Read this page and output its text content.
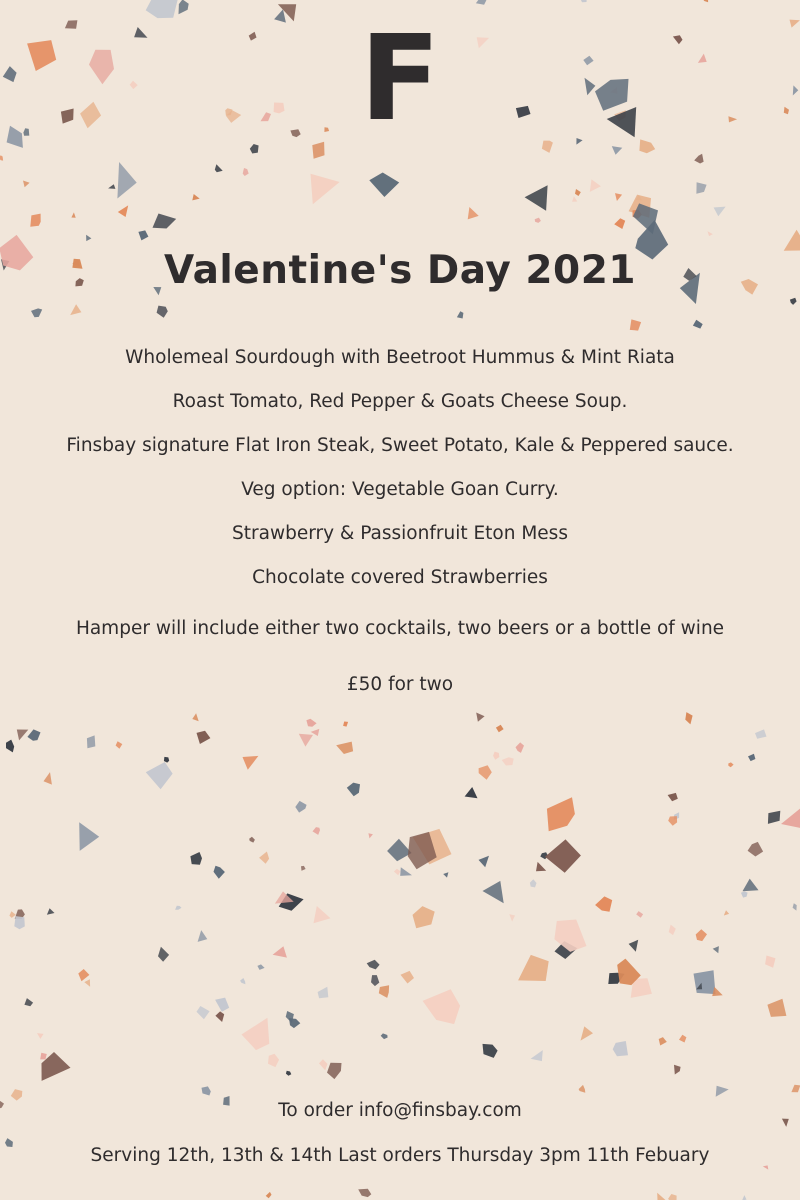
F
Valentine's Day 2021
Wholemeal Sourdough with Beetroot Hummus & Mint Riata
Roast Tomato, Red Pepper & Goats Cheese Soup.
Finsbay signature Flat Iron Steak, Sweet Potato, Kale & Peppered sauce.
Veg option: Vegetable Goan Curry.
Strawberry & Passionfruit Eton Mess
Chocolate covered Strawberries
Hamper will include either two cocktails, two beers or a bottle of wine
£50 for two
To order info@finsbay.com
Serving 12th, 13th & 14th Last orders Thursday 3pm 11th Febuary
